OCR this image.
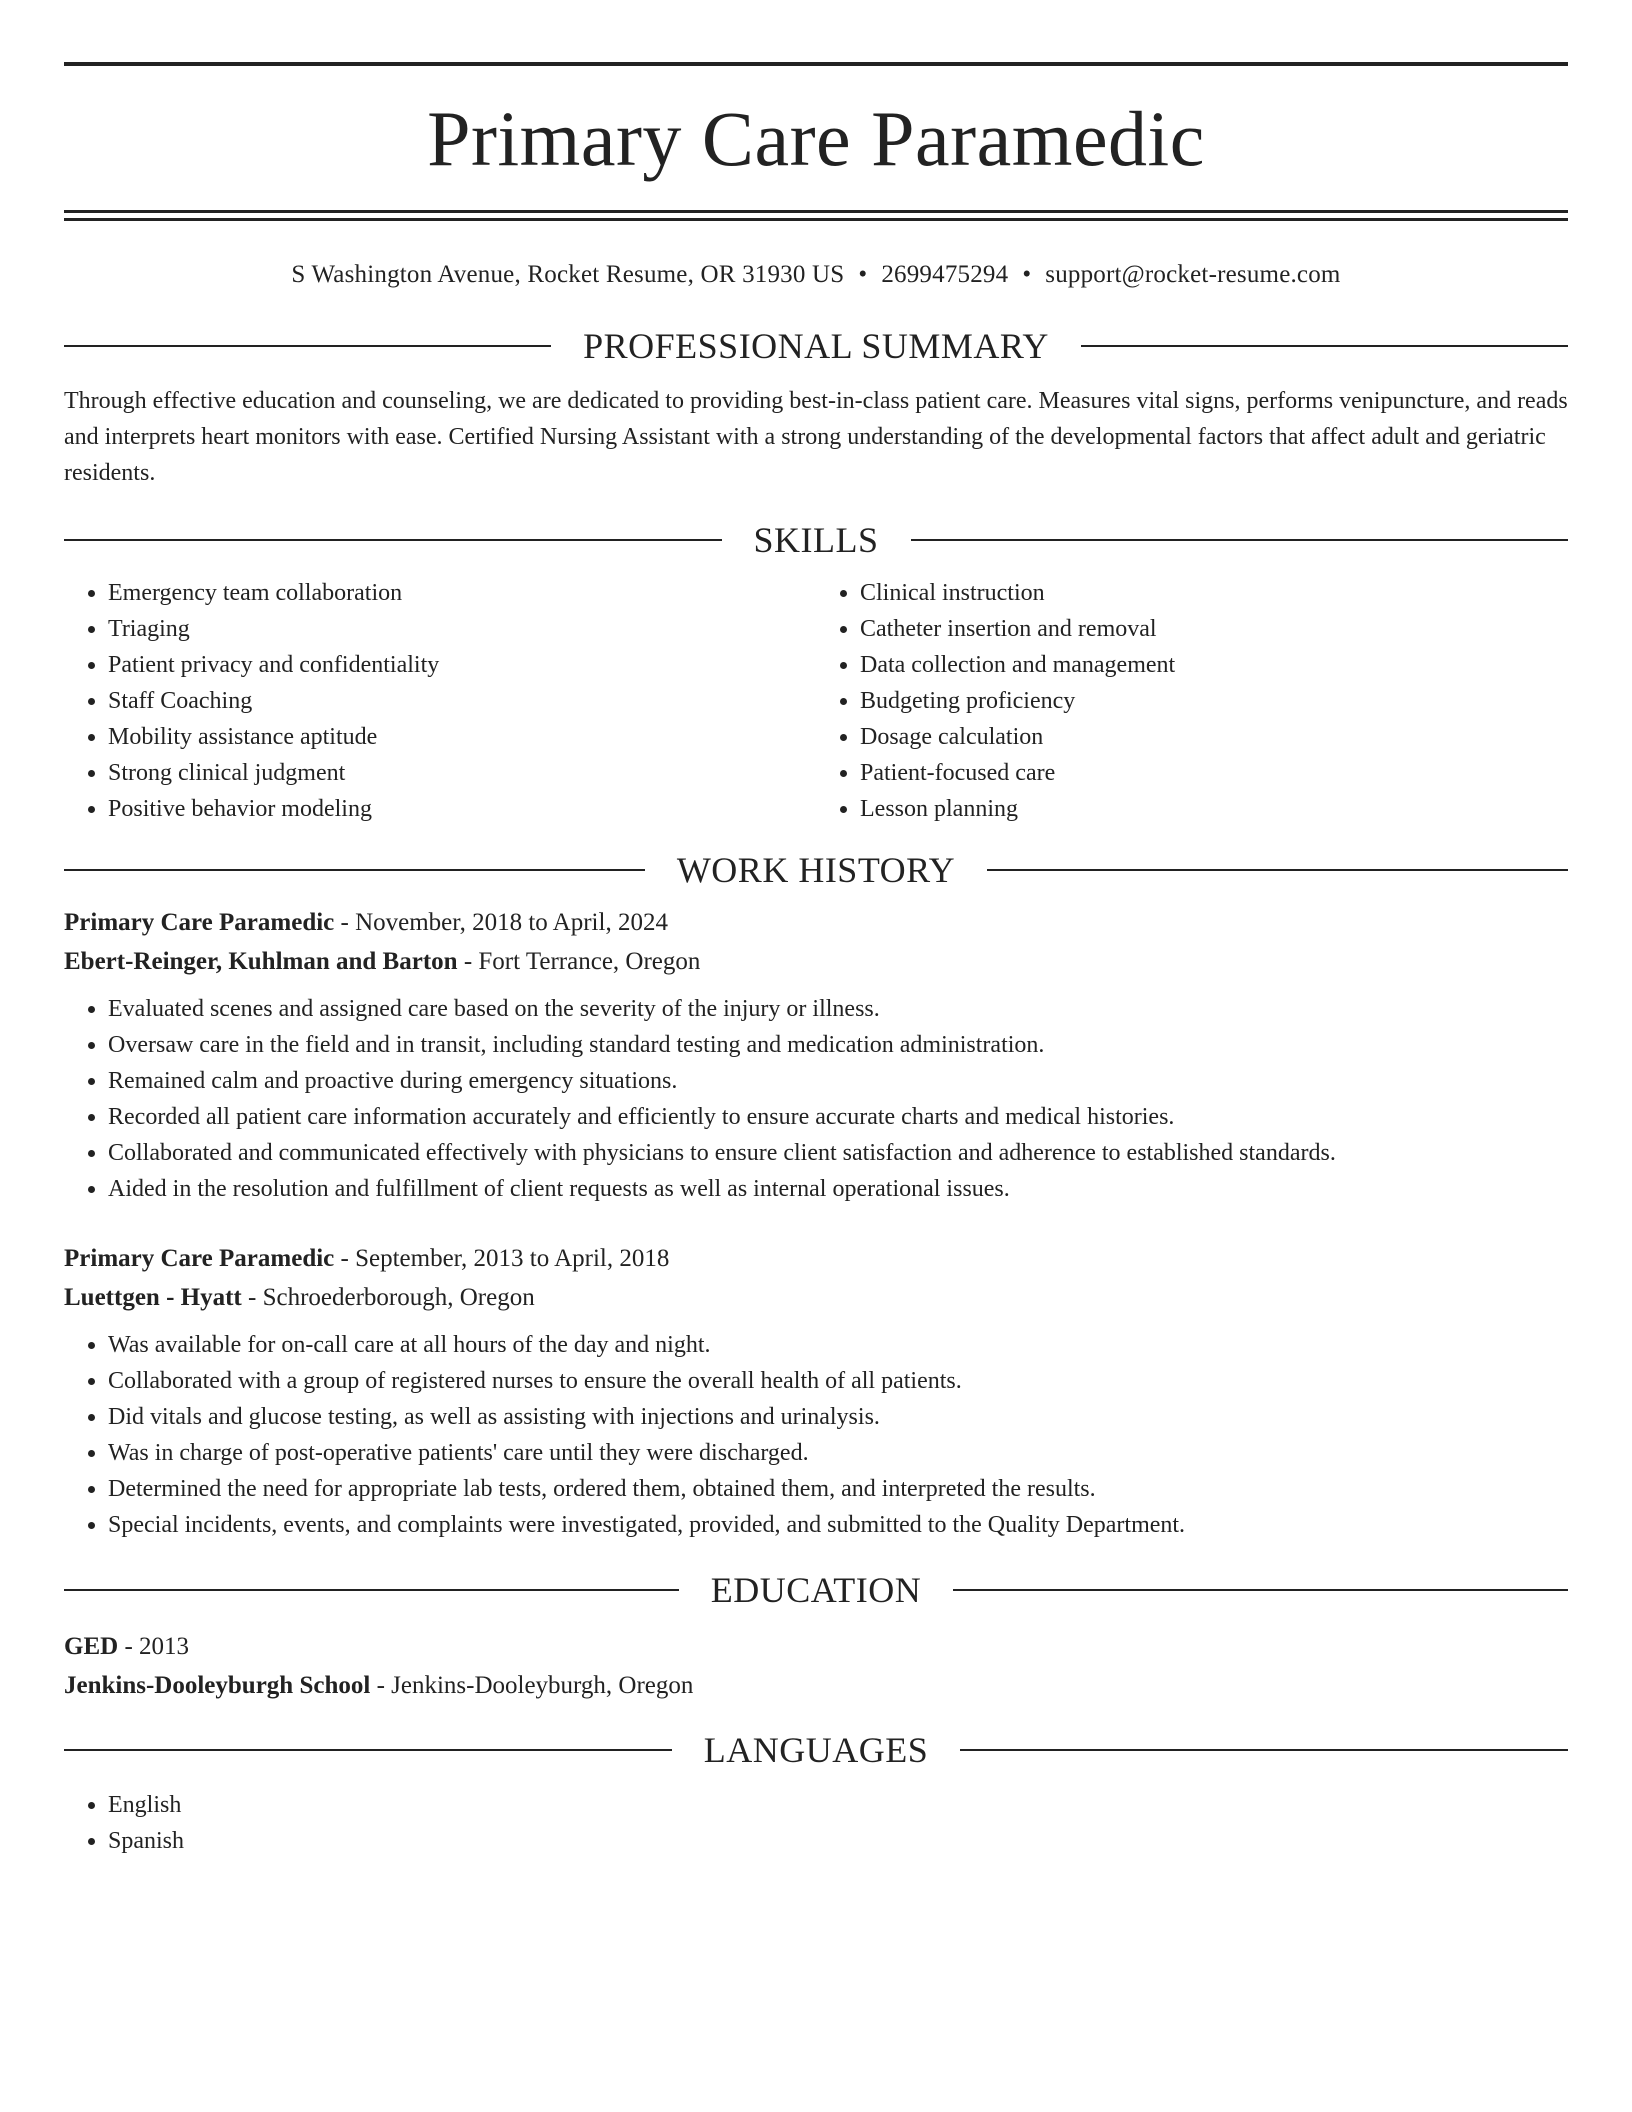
Primary Care Paramedic
S Washington Avenue, Rocket Resume, OR 31930 US • 2699475294 • support@rocket-resume.com
PROFESSIONAL SUMMARY

Through effective education and counseling, we are dedicated to providing best-in-class patient care. Measures vital signs, performs venipuncture, and reads and interprets heart monitors with ease. Certified Nursing Assistant with a strong understanding of the developmental factors that affect adult and geriatric residents.

SKILLS
• Emergency team collaboration
• Triaging
• Patient privacy and confidentiality
• Staff Coaching
• Mobility assistance aptitude
• Strong clinical judgment
• Positive behavior modeling
• Clinical instruction
• Catheter insertion and removal
• Data collection and management
• Budgeting proficiency
• Dosage calculation
• Patient-focused care
• Lesson planning
WORK HISTORY
Primary Care Paramedic - November, 2018 to April, 2024
Ebert-Reinger, Kuhlman and Barton - Fort Terrance, Oregon
• Evaluated scenes and assigned care based on the severity of the injury or illness.
• Oversaw care in the field and in transit, including standard testing and medication administration.
• Remained calm and proactive during emergency situations.
• Recorded all patient care information accurately and efficiently to ensure accurate charts and medical histories.
• Collaborated and communicated effectively with physicians to ensure client satisfaction and adherence to established standards.
• Aided in the resolution and fulfillment of client requests as well as internal operational issues.
Primary Care Paramedic - September, 2013 to April, 2018
Luettgen - Hyatt - Schroederborough, Oregon
• Was available for on-call care at all hours of the day and night.
• Collaborated with a group of registered nurses to ensure the overall health of all patients.
• Did vitals and glucose testing, as well as assisting with injections and urinalysis.
• Was in charge of post-operative patients' care until they were discharged.
• Determined the need for appropriate lab tests, ordered them, obtained them, and interpreted the results.
• Special incidents, events, and complaints were investigated, provided, and submitted to the Quality Department.
EDUCATION
GED - 2013
Jenkins-Dooleyburgh School - Jenkins-Dooleyburgh, Oregon
LANGUAGES
• English
• Spanish
